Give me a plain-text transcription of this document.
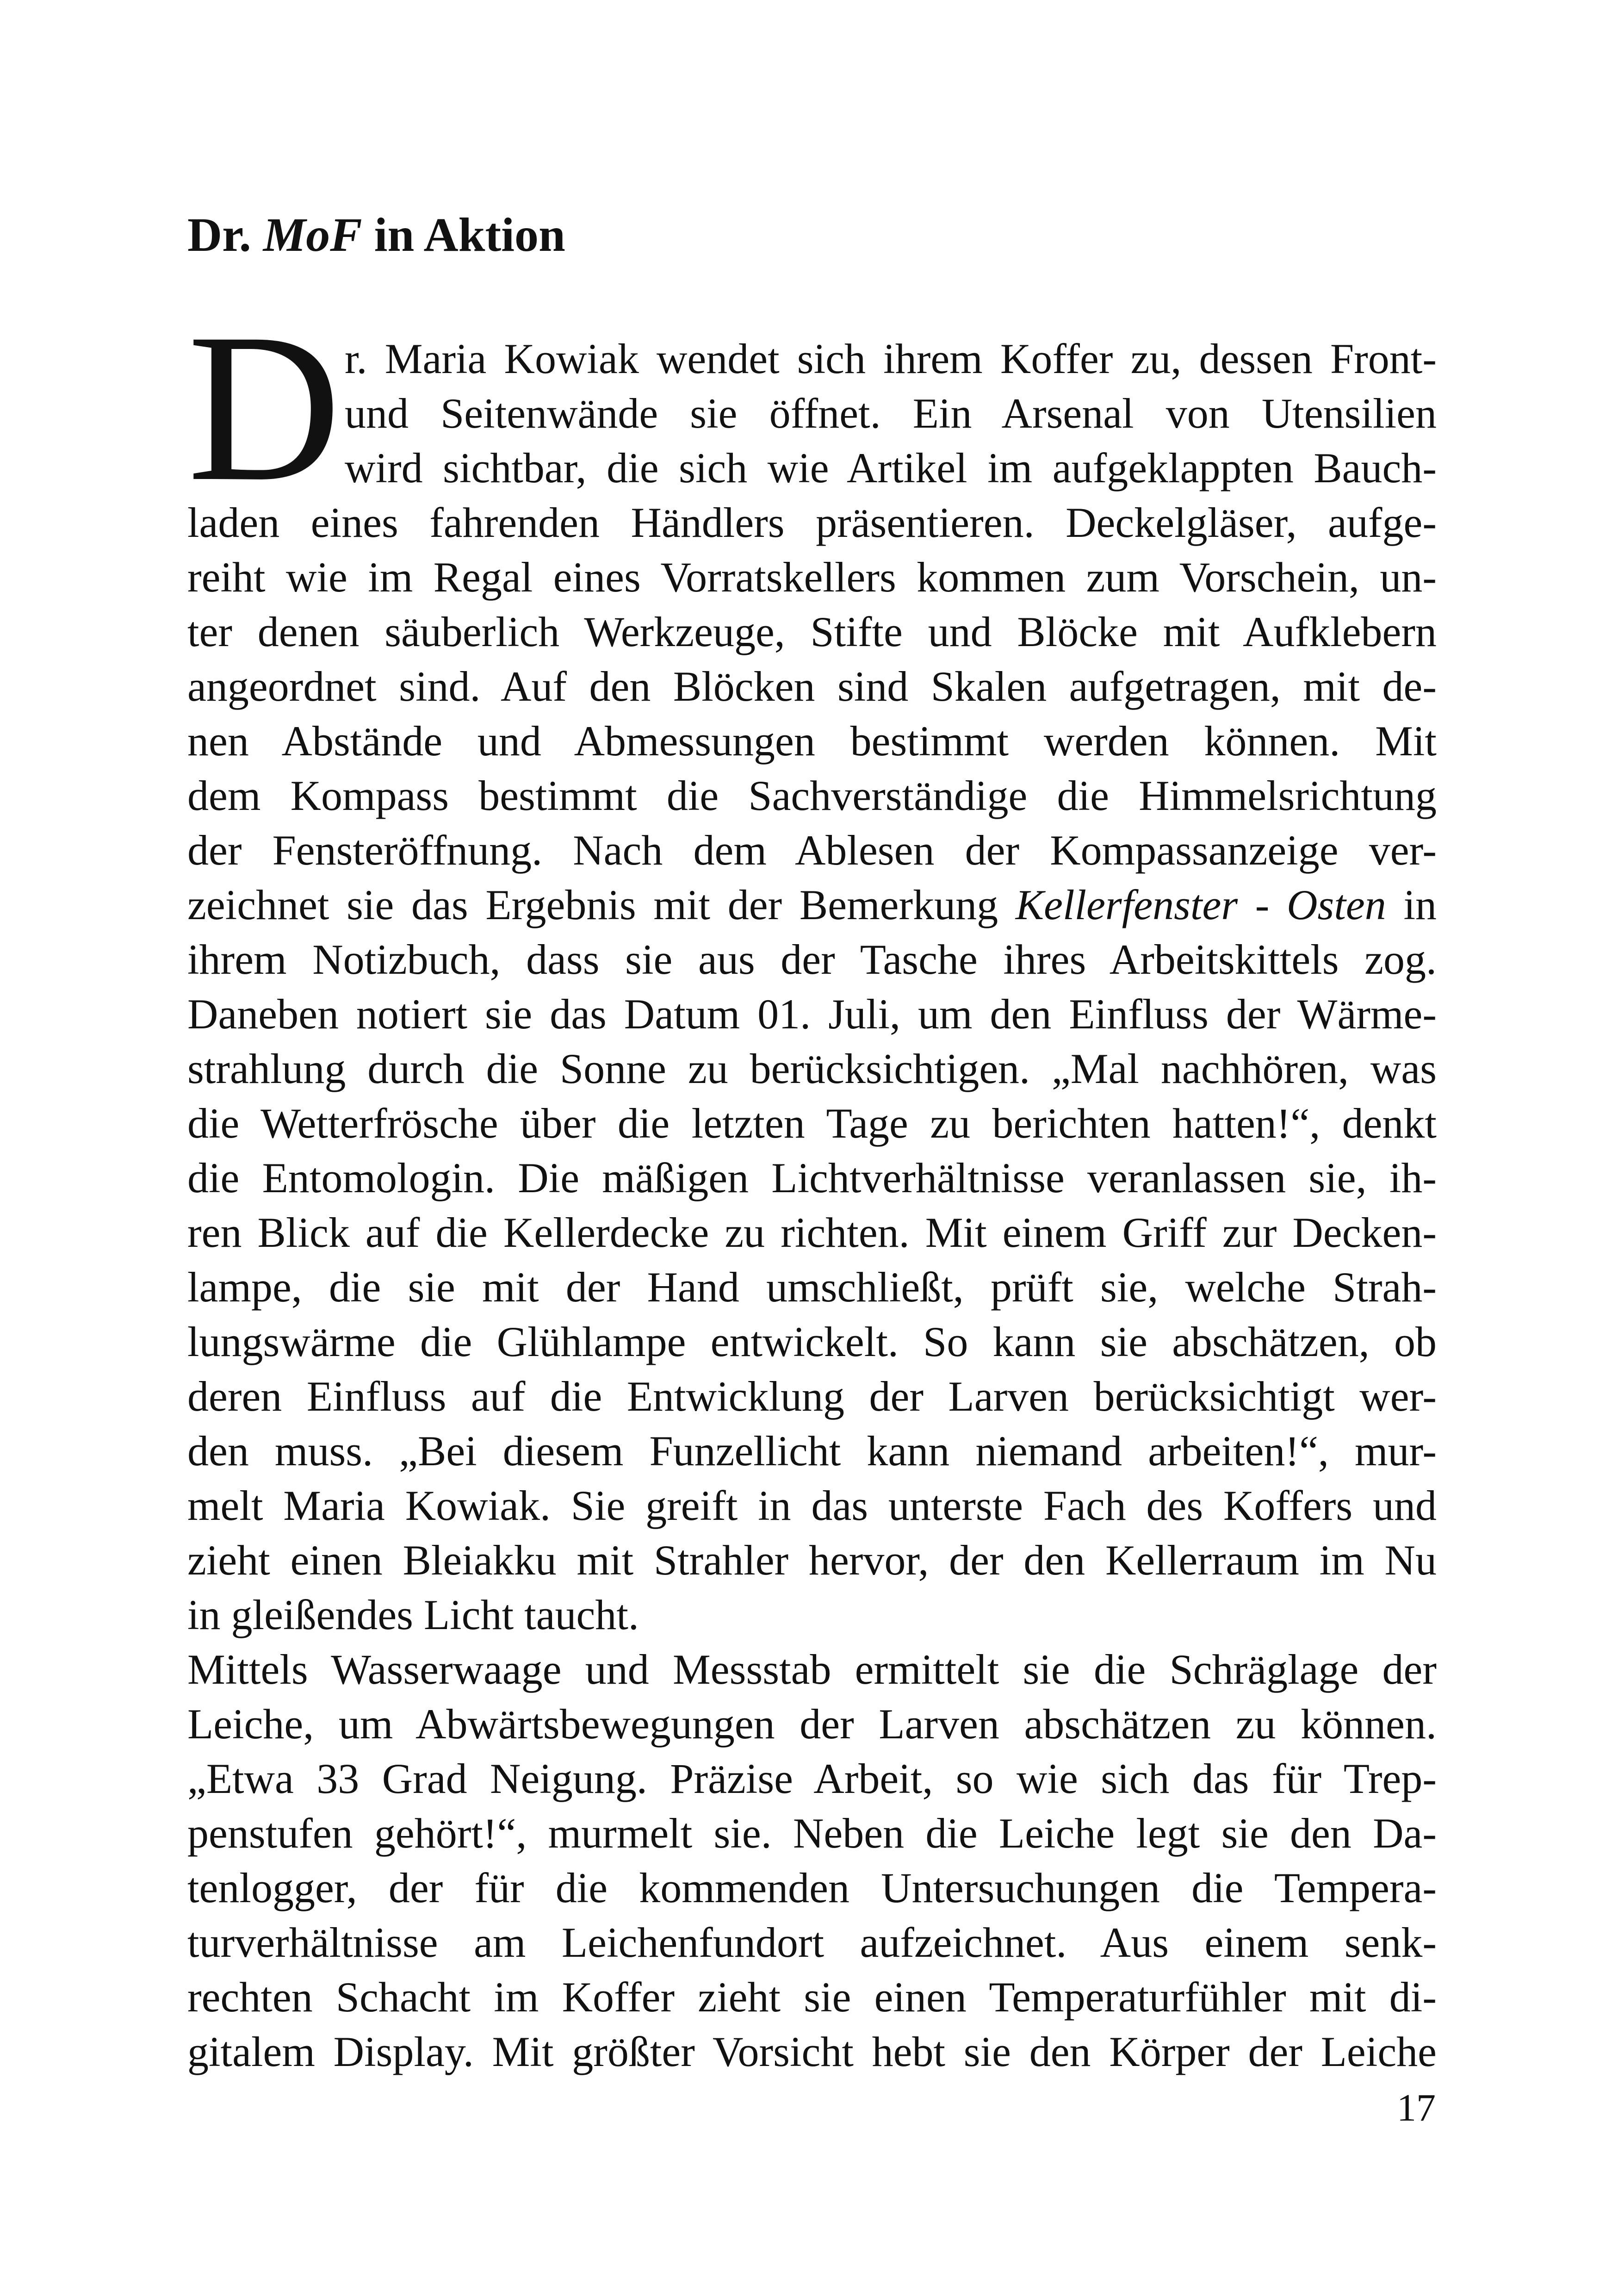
Dr. MoF in Aktion
D r. Maria Kowiak wendet sich ihrem Koffer zu, dessen Front-
und Seitenwände sie öffnet. Ein Arsenal von Utensilien
wird sichtbar, die sich wie Artikel im aufgeklappten Bauch-
laden eines fahrenden Händlers präsentieren. Deckelgläser, aufge-
reiht wie im Regal eines Vorratskellers kommen zum Vorschein, un-
ter denen säuberlich Werkzeuge, Stifte und Blöcke mit Aufklebern
angeordnet sind. Auf den Blöcken sind Skalen aufgetragen, mit de-
nen Abstände und Abmessungen bestimmt werden können. Mit
dem Kompass bestimmt die Sachverständige die Himmelsrichtung
der Fensteröffnung. Nach dem Ablesen der Kompassanzeige ver-
zeichnet sie das Ergebnis mit der Bemerkung Kellerfenster - Osten in
ihrem Notizbuch, dass sie aus der Tasche ihres Arbeitskittels zog.
Daneben notiert sie das Datum 01. Juli, um den Einfluss der Wärme-
strahlung durch die Sonne zu berücksichtigen. „Mal nachhören, was
die Wetterfrösche über die letzten Tage zu berichten hatten!“, denkt
die Entomologin. Die mäßigen Lichtverhältnisse veranlassen sie, ih-
ren Blick auf die Kellerdecke zu richten. Mit einem Griff zur Decken-
lampe, die sie mit der Hand umschließt, prüft sie, welche Strah-
lungswärme die Glühlampe entwickelt. So kann sie abschätzen, ob
deren Einfluss auf die Entwicklung der Larven berücksichtigt wer-
den muss. „Bei diesem Funzellicht kann niemand arbeiten!“, mur-
melt Maria Kowiak. Sie greift in das unterste Fach des Koffers und
zieht einen Bleiakku mit Strahler hervor, der den Kellerraum im Nu
in gleißendes Licht taucht.
Mittels Wasserwaage und Messstab ermittelt sie die Schräglage der
Leiche, um Abwärtsbewegungen der Larven abschätzen zu können.
„Etwa 33 Grad Neigung. Präzise Arbeit, so wie sich das für Trep-
penstufen gehört!“, murmelt sie. Neben die Leiche legt sie den Da-
tenlogger, der für die kommenden Untersuchungen die Tempera-
turverhältnisse am Leichenfundort aufzeichnet. Aus einem senk-
rechten Schacht im Koffer zieht sie einen Temperaturfühler mit di-
gitalem Display. Mit größter Vorsicht hebt sie den Körper der Leiche
17
